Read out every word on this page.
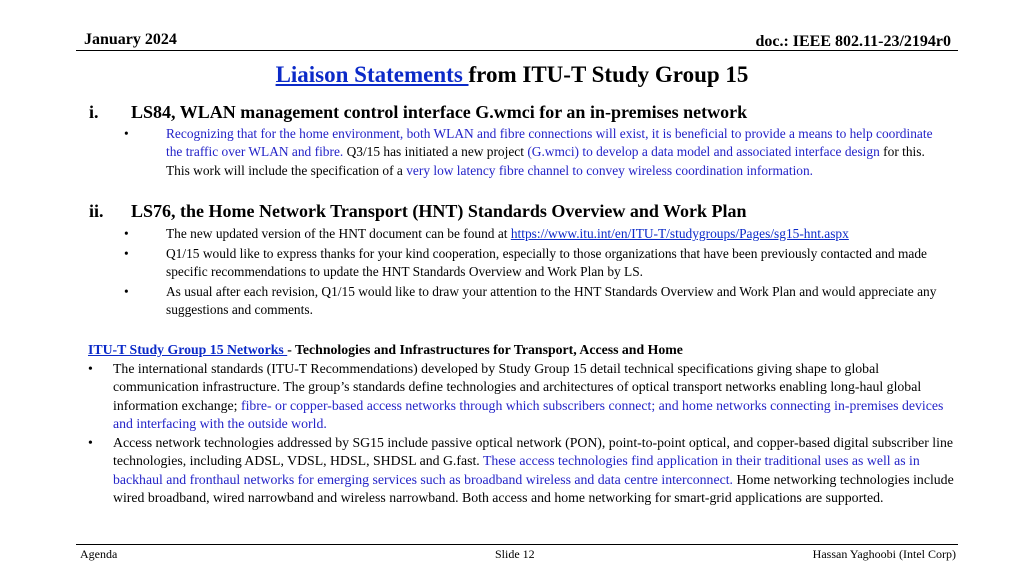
January 2024	doc.: IEEE 802.11-23/2194r0
Liaison Statements from ITU-T Study Group 15
i. LS84, WLAN management control interface G.wmci for an in-premises network
•	Recognizing that for the home environment, both WLAN and fibre connections will exist, it is beneficial to provide a means to help coordinate the traffic over WLAN and fibre. Q3/15 has initiated a new project (G.wmci) to develop a data model and associated interface design for this. This work will include the specification of a very low latency fibre channel to convey wireless coordination information.
ii. LS76, the Home Network Transport (HNT) Standards Overview and Work Plan
•	The new updated version of the HNT document can be found at https://www.itu.int/en/ITU-T/studygroups/Pages/sg15-hnt.aspx
•	Q1/15 would like to express thanks for your kind cooperation, especially to those organizations that have been previously contacted and made specific recommendations to update the HNT Standards Overview and Work Plan by LS.
•	As usual after each revision, Q1/15 would like to draw your attention to the HNT Standards Overview and Work Plan and would appreciate any suggestions and comments.
ITU-T Study Group 15 Networks - Technologies and Infrastructures for Transport, Access and Home
• The international standards (ITU-T Recommendations) developed by Study Group 15 detail technical specifications giving shape to global communication infrastructure. The group’s standards define technologies and architectures of optical transport networks enabling long-haul global information exchange; fibre- or copper-based access networks through which subscribers connect; and home networks connecting in-premises devices and interfacing with the outside world.
• Access network technologies addressed by SG15 include passive optical network (PON), point-to-point optical, and copper-based digital subscriber line technologies, including ADSL, VDSL, HDSL, SHDSL and G.fast. These access technologies find application in their traditional uses as well as in backhaul and fronthaul networks for emerging services such as broadband wireless and data centre interconnect. Home networking technologies include wired broadband, wired narrowband and wireless narrowband. Both access and home networking for smart-grid applications are supported.
Agenda	Slide 12	Hassan Yaghoobi (Intel Corp)
